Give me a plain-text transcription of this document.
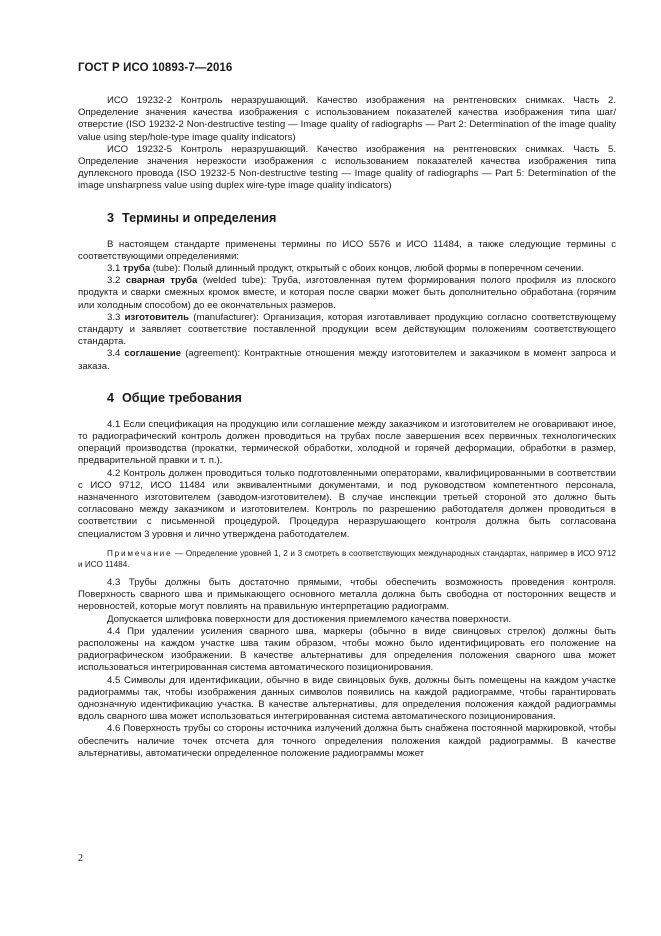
ГОСТ Р ИСО 10893-7—2016

ИСО 19232-2 Контроль неразрушающий. Качество изображения на рентгеновских снимках. Часть 2. Определение значения качества изображения с использованием показателей качества изображения типа шаг/отверстие (ISO 19232-2 Non-destructive testing — Image quality of radiographs — Part 2: Determination of the image quality value using step/hole-type image quality indicators)

ИСО 19232-5 Контроль неразрушающий. Качество изображения на рентгеновских снимках. Часть 5. Определение значения нерезкости изображения с использованием показателей качества изображения типа дуплексного провода (ISO 19232-5 Non-destructive testing — Image quality of radiographs — Part 5: Determination of the image unsharpness value using duplex wire-type image quality indicators)

3 Термины и определения

В настоящем стандарте применены термины по ИСО 5576 и ИСО 11484, а также следующие термины с соответствующими определениями:

3.1 труба (tube): Полый длинный продукт, открытый с обоих концов, любой формы в поперечном сечении.

3.2 сварная труба (welded tube): Труба, изготовленная путем формирования полого профиля из плоского продукта и сварки смежных кромок вместе, и которая после сварки может быть дополнительно обработана (горячим или холодным способом) до ее окончательных размеров.

3.3 изготовитель (manufacturer): Организация, которая изготавливает продукцию согласно соответствующему стандарту и заявляет соответствие поставленной продукции всем действующим положениям соответствующего стандарта.

3.4 соглашение (agreement): Контрактные отношения между изготовителем и заказчиком в момент запроса и заказа.

4 Общие требования

4.1 Если спецификация на продукцию или соглашение между заказчиком и изготовителем не оговаривают иное, то радиографический контроль должен проводиться на трубах после завершения всех первичных технологических операций производства (прокатки, термической обработки, холодной и горячей деформации, обработки в размер, предварительной правки и т. п.).

4.2 Контроль должен проводиться только подготовленными операторами, квалифицированными в соответствии с ИСО 9712, ИСО 11484 или эквивалентными документами, и под руководством компетентного персонала, назначенного изготовителем (заводом-изготовителем). В случае инспекции третьей стороной это должно быть согласовано между заказчиком и изготовителем. Контроль по разрешению работодателя должен проводиться в соответствии с письменной процедурой. Процедура неразрушающего контроля должна быть согласована специалистом 3 уровня и лично утверждена работодателем.

Примечание — Определение уровней 1, 2 и 3 смотреть в соответствующих международных стандартах, например в ИСО 9712 и ИСО 11484.

4.3 Трубы должны быть достаточно прямыми, чтобы обеспечить возможность проведения контроля. Поверхность сварного шва и примыкающего основного металла должна быть свободна от посторонних веществ и неровностей, которые могут повлиять на правильную интерпретацию радиограмм.

Допускается шлифовка поверхности для достижения приемлемого качества поверхности.

4.4 При удалении усиления сварного шва, маркеры (обычно в виде свинцовых стрелок) должны быть расположены на каждом участке шва таким образом, чтобы можно было идентифицировать его положение на радиографическом изображении. В качестве альтернативы для определения положения сварного шва может использоваться интегрированная система автоматического позиционирования.

4.5 Символы для идентификации, обычно в виде свинцовых букв, должны быть помещены на каждом участке радиограммы так, чтобы изображения данных символов появились на каждой радиограмме, чтобы гарантировать однозначную идентификацию участка. В качестве альтернативы, для определения положения каждой радиограммы вдоль сварного шва может использоваться интегрированная система автоматического позиционирования.

4.6 Поверхность трубы со стороны источника излучений должна быть снабжена постоянной маркировкой, чтобы обеспечить наличие точек отсчета для точного определения положения каждой радиограммы. В качестве альтернативы, автоматически определенное положение радиограммы может

2
